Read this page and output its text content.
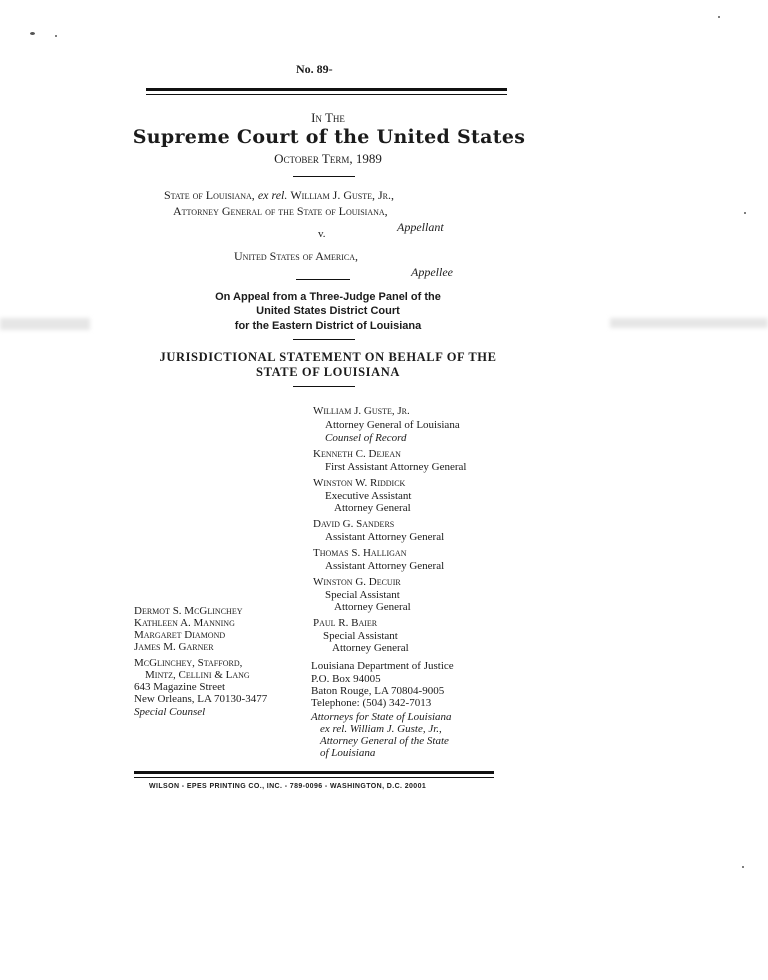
No. 89-
In The
Supreme Court of the United States
October Term, 1989
State of Louisiana, ex rel. William J. Guste, Jr.,
Attorney General of the State of Louisiana,
Appellant
v.
United States of America,
Appellee
On Appeal from a Three-Judge Panel of the
United States District Court
for the Eastern District of Louisiana
JURISDICTIONAL STATEMENT ON BEHALF OF THE
STATE OF LOUISIANA
William J. Guste, Jr.
Attorney General of Louisiana
Counsel of Record
Kenneth C. Dejean
First Assistant Attorney General
Winston W. Riddick
Executive Assistant
Attorney General
David G. Sanders
Assistant Attorney General
Thomas S. Halligan
Assistant Attorney General
Winston G. Decuir
Special Assistant
Attorney General
Paul R. Baier
Special Assistant
Attorney General
Louisiana Department of Justice
P.O. Box 94005
Baton Rouge, LA 70804-9005
Telephone: (504) 342-7013
Attorneys for State of Louisiana
ex rel. William J. Guste, Jr.,
Attorney General of the State
of Louisiana
Dermot S. McGlinchey
Kathleen A. Manning
Margaret Diamond
James M. Garner
McGlinchey, Stafford,
Mintz, Cellini & Lang
643 Magazine Street
New Orleans, LA 70130-3477
Special Counsel
WILSON - EPES PRINTING CO., INC. - 789-0096 - WASHINGTON, D.C. 20001
